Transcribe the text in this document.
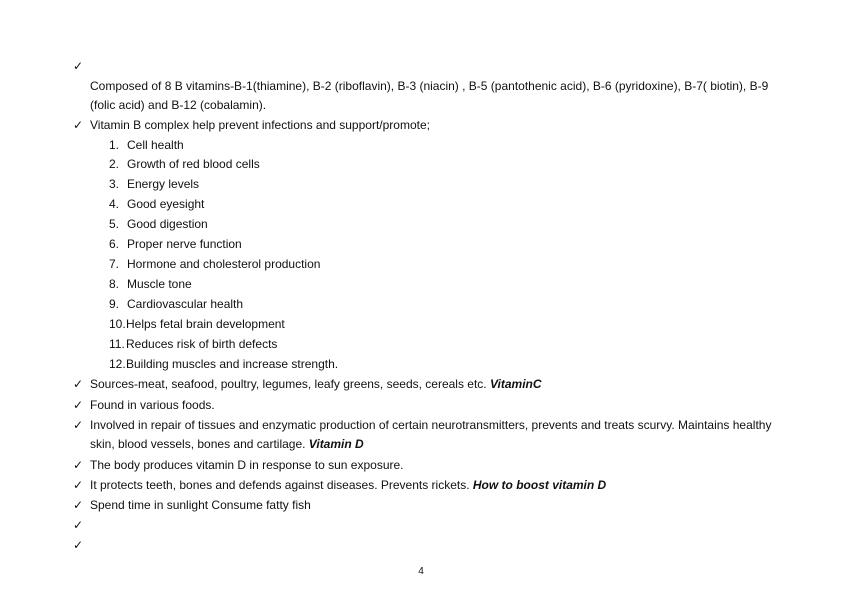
✓
Composed of 8 B vitamins-B-1(thiamine), B-2 (riboflavin), B-3 (niacin) , B-5 (pantothenic acid), B-6 (pyridoxine), B-7( biotin), B-9
(folic acid) and B-12 (cobalamin).
✓ Vitamin B complex help prevent infections and support/promote;
1. Cell health
2. Growth of red blood cells
3. Energy levels
4. Good eyesight
5. Good digestion
6. Proper nerve function
7. Hormone and cholesterol production
8. Muscle tone
9. Cardiovascular health
10. Helps fetal brain development
11. Reduces risk of birth defects
12. Building muscles and increase strength.
✓ Sources-meat, seafood, poultry, legumes, leafy greens, seeds, cereals etc. VitaminC
✓ Found in various foods.
✓ Involved in repair of tissues and enzymatic production of certain neurotransmitters, prevents and treats scurvy. Maintains healthy
skin, blood vessels, bones and cartilage. Vitamin D
✓ The body produces vitamin D in response to sun exposure.
✓ It protects teeth, bones and defends against diseases. Prevents rickets. How to boost vitamin D
✓ Spend time in sunlight Consume fatty fish
✓
✓
4
